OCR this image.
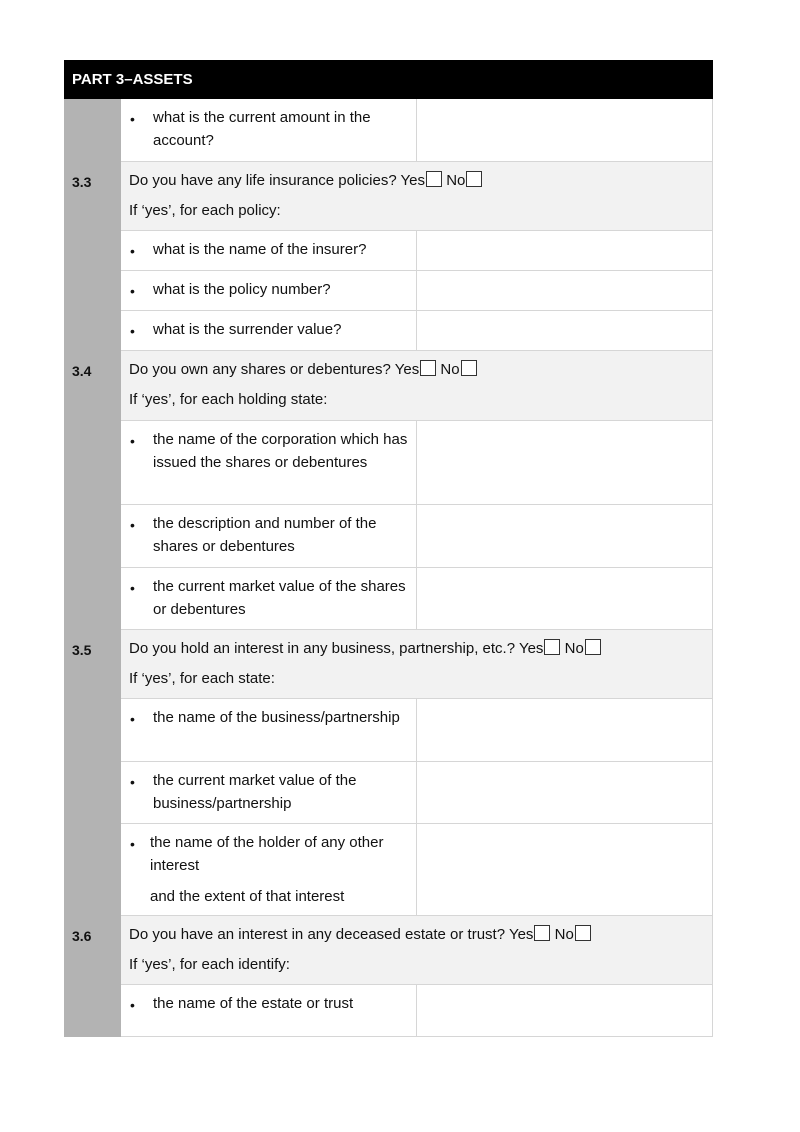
PART 3–ASSETS
• what is the current amount in the account?
3.3	Do you have any life insurance policies? Yes No
If ‘yes’, for each policy:
• what is the name of the insurer?
• what is the policy number?
• what is the surrender value?
3.4	Do you own any shares or debentures? Yes No
If ‘yes’, for each holding state:
• the name of the corporation which has issued the shares or debentures
• the description and number of the shares or debentures
• the current market value of the shares or debentures
3.5	Do you hold an interest in any business, partnership, etc.? Yes No
If ‘yes’, for each state:
• the name of the business/partnership
• the current market value of the business/partnership
• the name of the holder of any other interest
and the extent of that interest
3.6	Do you have an interest in any deceased estate or trust? Yes No
If ‘yes’, for each identify:
• the name of the estate or trust
